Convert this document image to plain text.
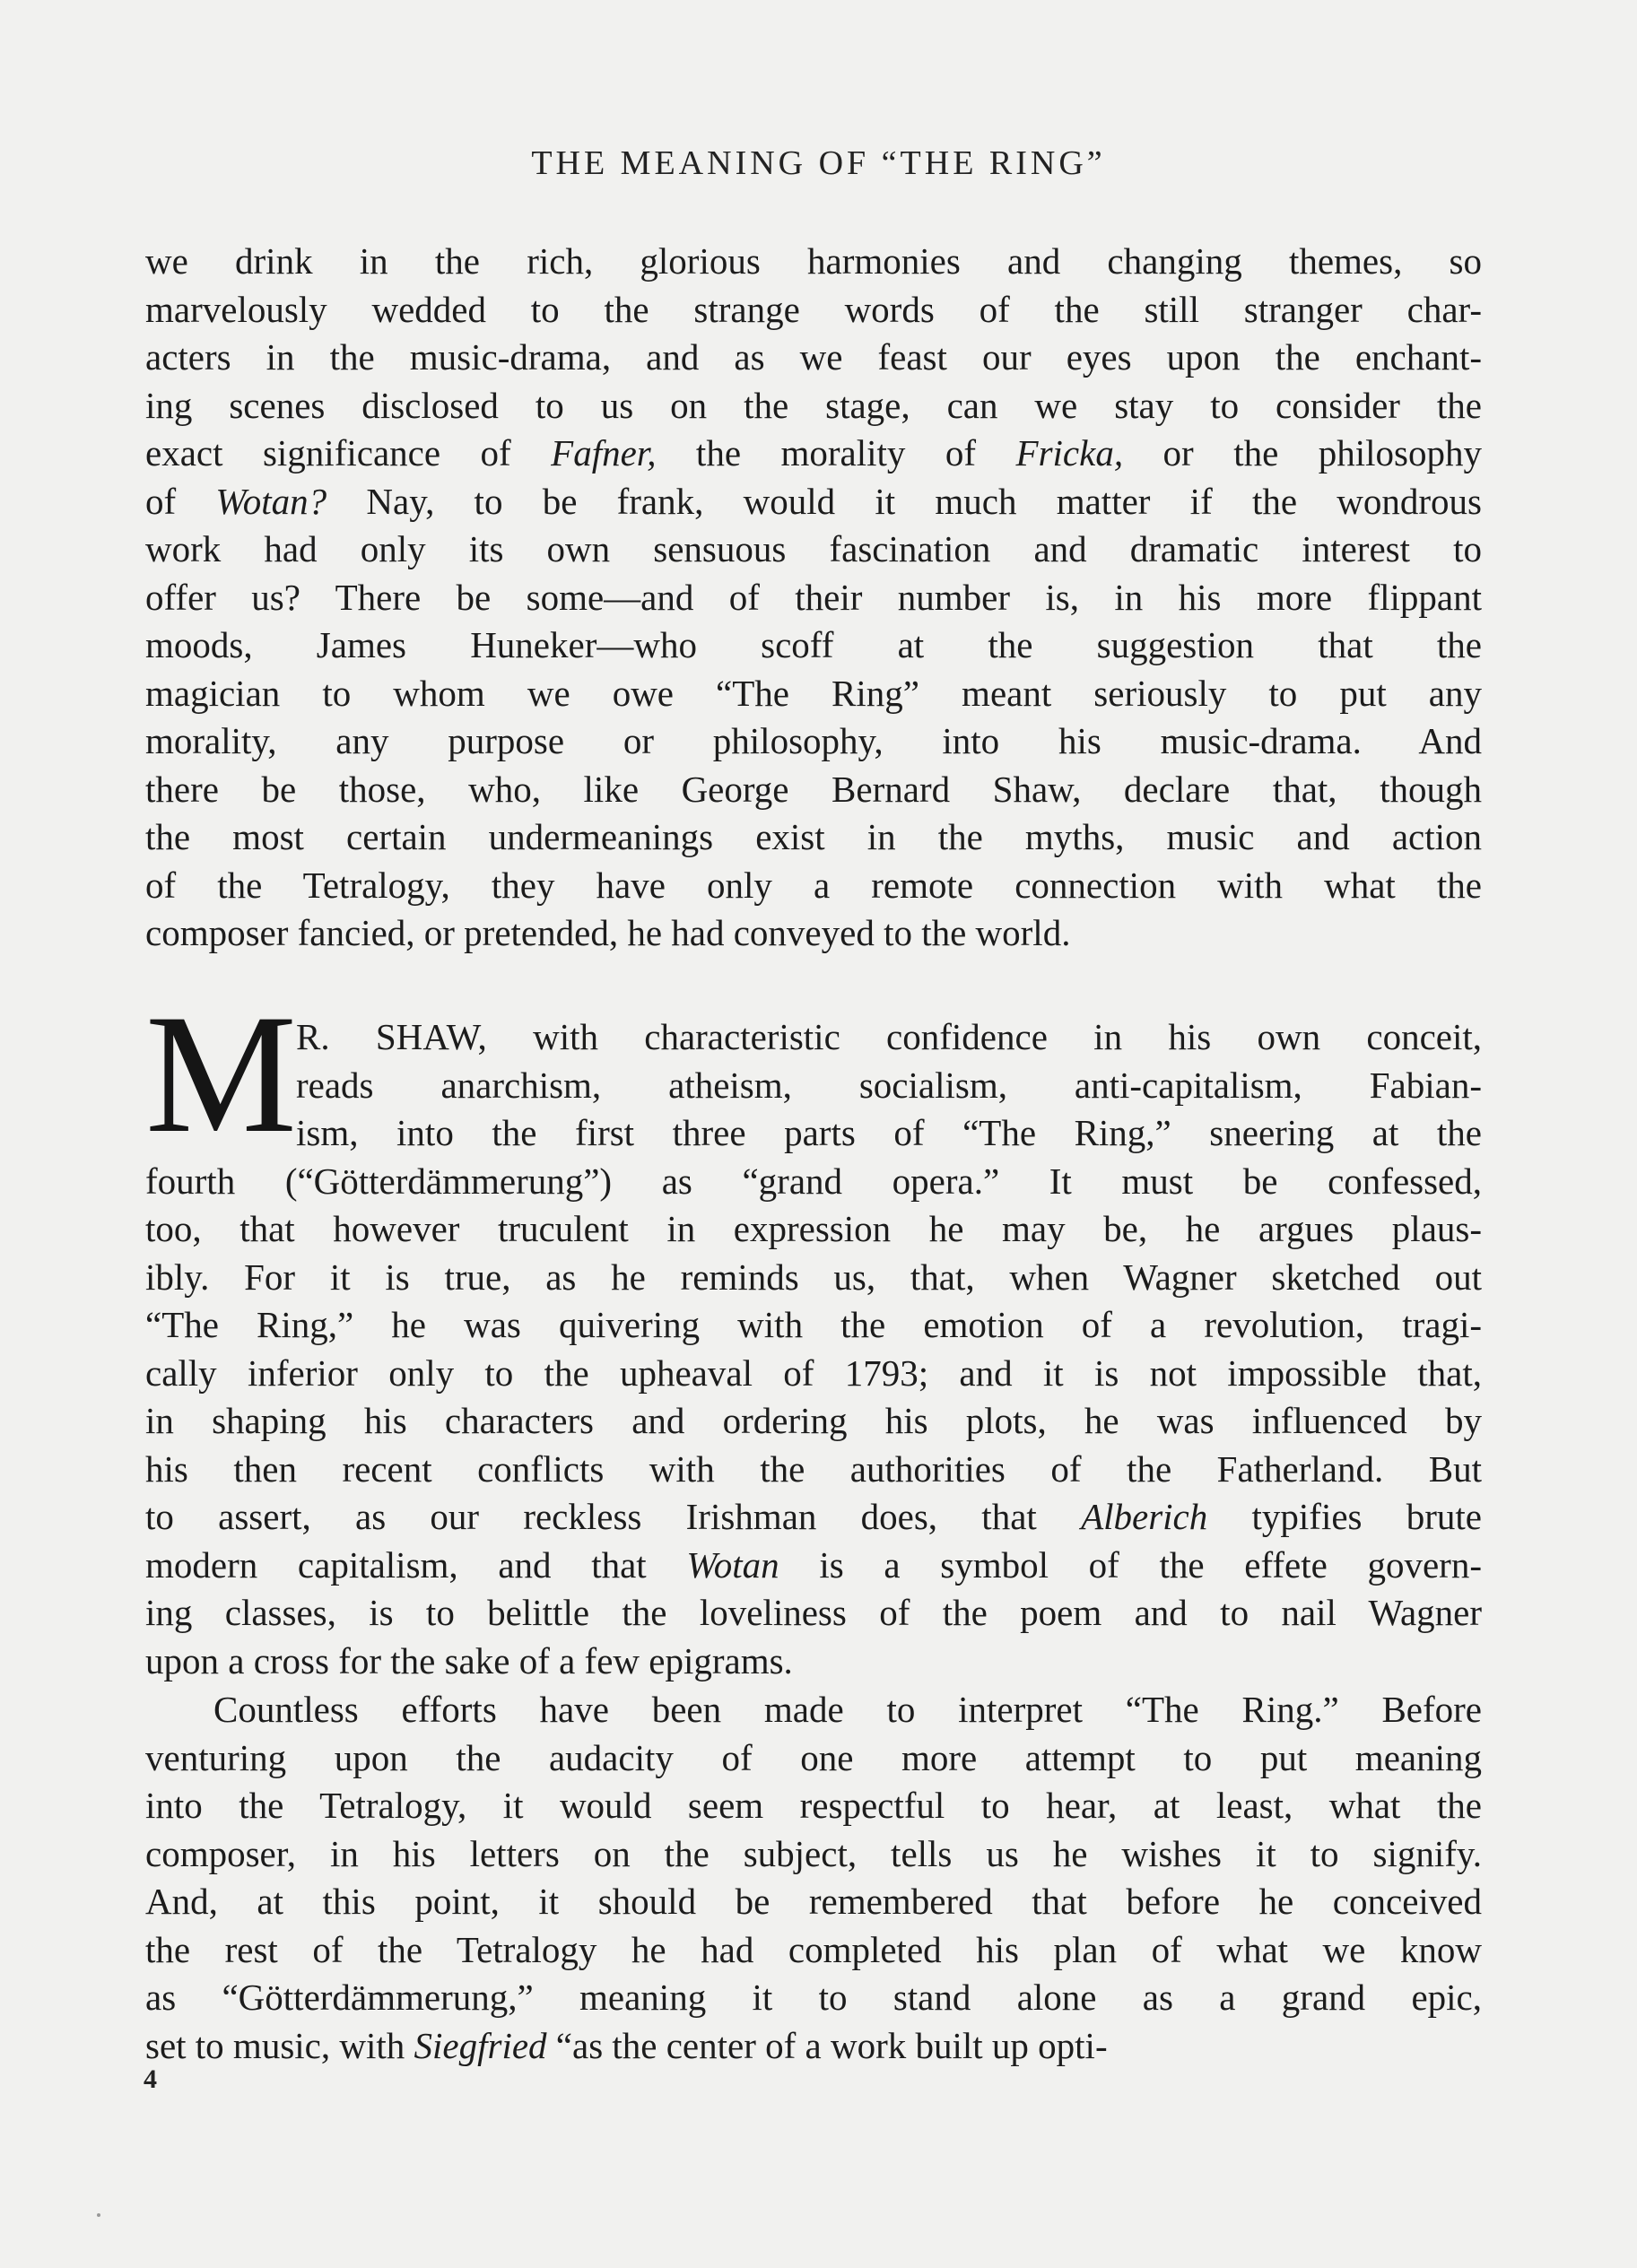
THE MEANING OF “THE RING”
we drink in the rich, glorious harmonies and changing themes, so
marvelously wedded to the strange words of the still stranger char-
acters in the music-drama, and as we feast our eyes upon the enchant-
ing scenes disclosed to us on the stage, can we stay to consider the
exact significance of Fafner, the morality of Fricka, or the philosophy
of Wotan? Nay, to be frank, would it much matter if the wondrous
work had only its own sensuous fascination and dramatic interest to
offer us? There be some—and of their number is, in his more flippant
moods, James Huneker—who scoff at the suggestion that the
magician to whom we owe “The Ring” meant seriously to put any
morality, any purpose or philosophy, into his music-drama. And
there be those, who, like George Bernard Shaw, declare that, though
the most certain undermeanings exist in the myths, music and action
of the Tetralogy, they have only a remote connection with what the
composer fancied, or pretended, he had conveyed to the world.
M R. SHAW, with characteristic confidence in his own conceit,
reads anarchism, atheism, socialism, anti-capitalism, Fabian-
ism, into the first three parts of “The Ring,” sneering at the
fourth (“Götterdämmerung”) as “grand opera.” It must be confessed,
too, that however truculent in expression he may be, he argues plaus-
ibly. For it is true, as he reminds us, that, when Wagner sketched out
“The Ring,” he was quivering with the emotion of a revolution, tragi-
cally inferior only to the upheaval of 1793; and it is not impossible that,
in shaping his characters and ordering his plots, he was influenced by
his then recent conflicts with the authorities of the Fatherland. But
to assert, as our reckless Irishman does, that Alberich typifies brute
modern capitalism, and that Wotan is a symbol of the effete govern-
ing classes, is to belittle the loveliness of the poem and to nail Wagner
upon a cross for the sake of a few epigrams.
Countless efforts have been made to interpret “The Ring.” Before
venturing upon the audacity of one more attempt to put meaning
into the Tetralogy, it would seem respectful to hear, at least, what the
composer, in his letters on the subject, tells us he wishes it to signify.
And, at this point, it should be remembered that before he conceived
the rest of the Tetralogy he had completed his plan of what we know
as “Götterdämmerung,” meaning it to stand alone as a grand epic,
set to music, with Siegfried “as the center of a work built up opti-
4
